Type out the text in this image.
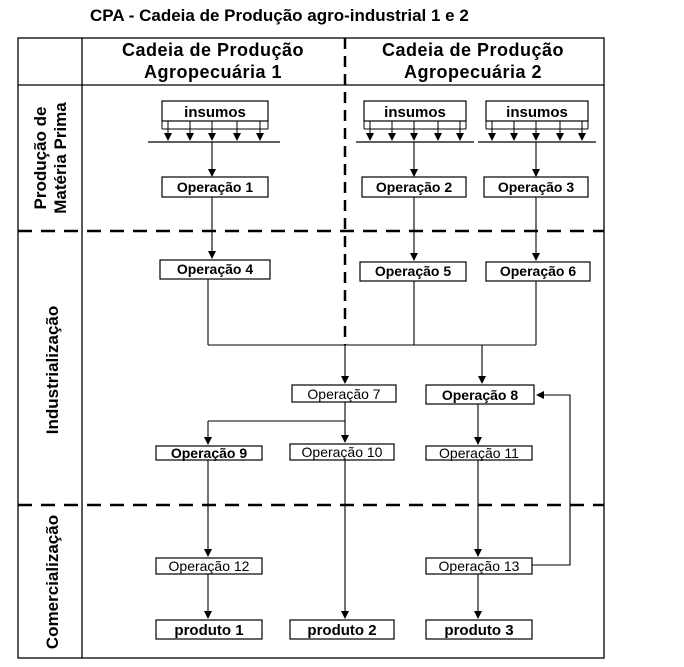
CPA - Cadeia de Produção agro-industrial 1 e 2
Cadeia de Produção
Agropecuária 1
Cadeia de Produção
Agropecuária 2
Produção de Matéria Prima
Industrialização
Comercialização
insumos	insumos	insumos
Operação 1	Operação 2	Operação 3
Operação 4	Operação 5	Operação 6
Operação 7	Operação 8
Operação 9	Operação 10	Operação 11
Operação 12	Operação 13
produto 1	produto 2	produto 3
